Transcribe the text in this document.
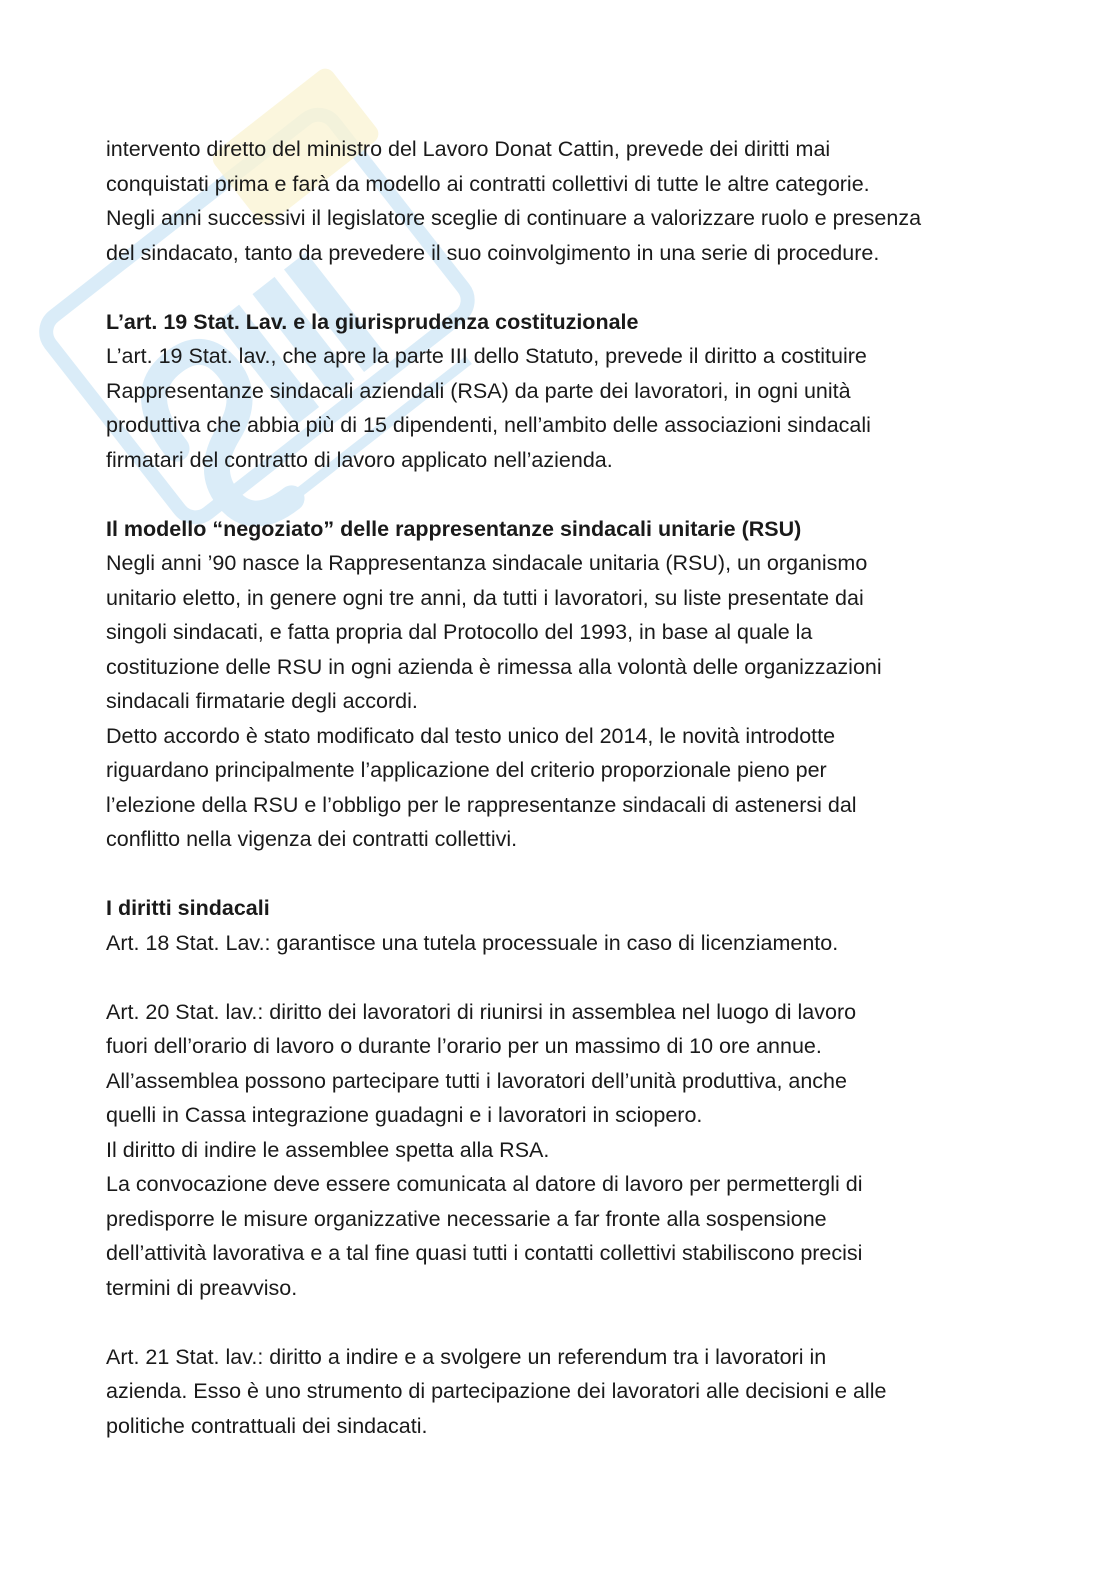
intervento diretto del ministro del Lavoro Donat Cattin, prevede dei diritti mai
conquistati prima e farà da modello ai contratti collettivi di tutte le altre categorie.
Negli anni successivi il legislatore sceglie di continuare a valorizzare ruolo e presenza
del sindacato, tanto da prevedere il suo coinvolgimento in una serie di procedure.
L’art. 19 Stat. Lav. e la giurisprudenza costituzionale
L’art. 19 Stat. lav., che apre la parte III dello Statuto, prevede il diritto a costituire
Rappresentanze sindacali aziendali (RSA) da parte dei lavoratori, in ogni unità
produttiva che abbia più di 15 dipendenti, nell’ambito delle associazioni sindacali
firmatari del contratto di lavoro applicato nell’azienda.
Il modello “negoziato” delle rappresentanze sindacali unitarie (RSU)
Negli anni ’90 nasce la Rappresentanza sindacale unitaria (RSU), un organismo
unitario eletto, in genere ogni tre anni, da tutti i lavoratori, su liste presentate dai
singoli sindacati, e fatta propria dal Protocollo del 1993, in base al quale la
costituzione delle RSU in ogni azienda è rimessa alla volontà delle organizzazioni
sindacali firmatarie degli accordi.
Detto accordo è stato modificato dal testo unico del 2014, le novità introdotte
riguardano principalmente l’applicazione del criterio proporzionale pieno per
l’elezione della RSU e l’obbligo per le rappresentanze sindacali di astenersi dal
conflitto nella vigenza dei contratti collettivi.
I diritti sindacali
Art. 18 Stat. Lav.: garantisce una tutela processuale in caso di licenziamento.
Art. 20 Stat. lav.: diritto dei lavoratori di riunirsi in assemblea nel luogo di lavoro
fuori dell’orario di lavoro o durante l’orario per un massimo di 10 ore annue.
All’assemblea possono partecipare tutti i lavoratori dell’unità produttiva, anche
quelli in Cassa integrazione guadagni e i lavoratori in sciopero.
Il diritto di indire le assemblee spetta alla RSA.
La convocazione deve essere comunicata al datore di lavoro per permettergli di
predisporre le misure organizzative necessarie a far fronte alla sospensione
dell’attività lavorativa e a tal fine quasi tutti i contatti collettivi stabiliscono precisi
termini di preavviso.
Art. 21 Stat. lav.: diritto a indire e a svolgere un referendum tra i lavoratori in
azienda. Esso è uno strumento di partecipazione dei lavoratori alle decisioni e alle
politiche contrattuali dei sindacati.
